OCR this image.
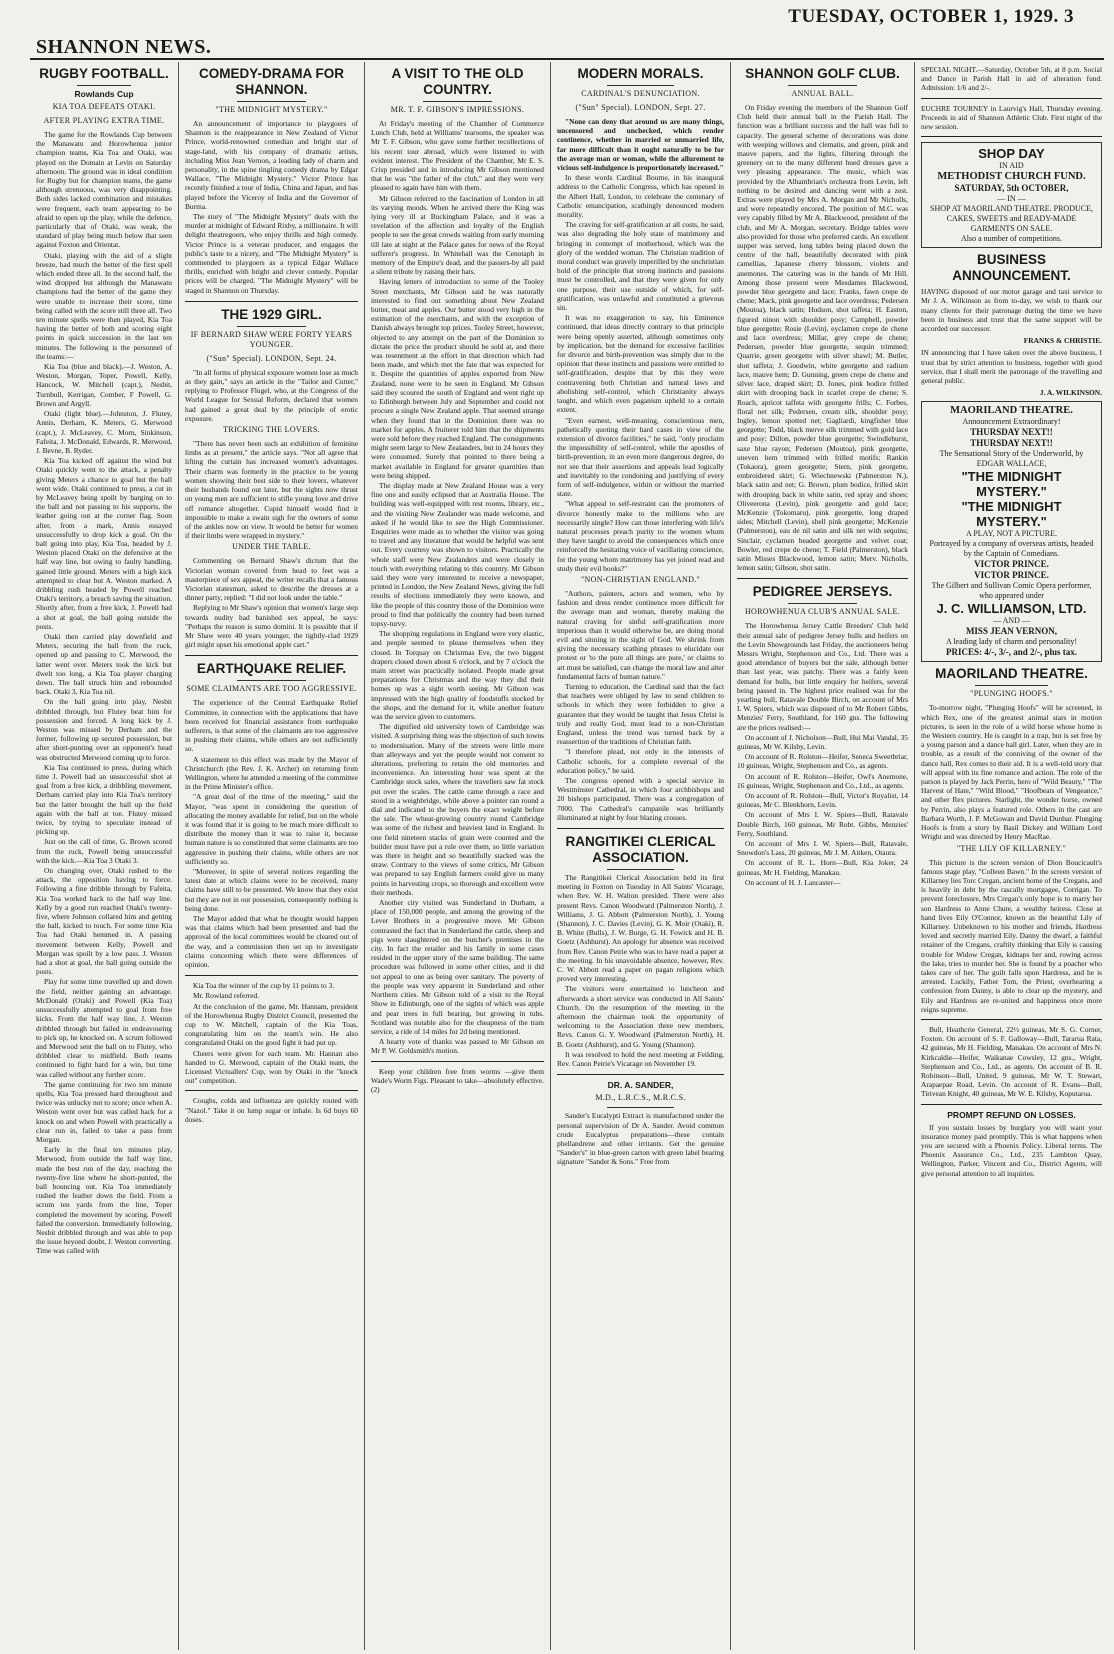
SHANNON NEWS.
TUESDAY, OCTOBER 1, 1929. 3
RUGBY FOOTBALL.
Rowlands Cup
KIA TOA DEFEATS OTAKI.
AFTER PLAYING EXTRA TIME.

The game for the Rowlands Cup between the Manawatu and Horowhenua junior champion teams, Kia Toa and Otaki, was played on the Domain at Levin on Saturday afternoon. The ground was in ideal condition for Rugby but for champion teams, the game although strenuous, was very disappointing. Both sides lacked combination and mistakes were frequent, each team appearing to be afraid to open up the play, while the defence, particularly that of Otaki, was weak, the standard of play being much below that seen against Foxton and Orientat.

Otaki, playing with the aid of a slight breeze, had much the better of the first spell which ended three all. In the second half, the wind dropped but although the Manawatu champions had the better of the game they were unable to increase their score, time being called with the score still three all. Two ten minute spells were then played, Kia Toa having the better of both and scoring eight points in quick succession in the last ten minutes. The following is the personnel of the teams:—

Kia Toa (blue and black).—J. Weston, A. Weston, Morgan, Toper, Powell, Kelly, Hancock, W. Mitchell (capt.), Nesbit, Turnbull, Kerrigan, Comber, F Powell, G. Brown and Argyll.

Otaki (light blue).—Johnston, J. Flutey, Annis, Derham, K. Meters, G. Merwood (capt.), J. McLeavey, C. Morn, Sinkinson, Fafeita, J. McDonald, Edwards, R. Merwood, J. Bevne, B. Ryder.

Kia Toa kicked off against the wind but Otaki quickly went to the attack, a penalty giving Meters a chance to goal but the ball went wide. Otaki continued to press, a cut in by McLeavey being spoilt by barging on to the ball and not passing to his supports, the leather going out at the corner flag. Soon after, from a mark, Annis essayed unsuccessfully to drop kick a goal. On the ball going into play, Kia Toa, headed by J. Weston placed Otaki on the defensive at the half way line, but owing to faulty handling, gained little ground. Meters with a high kick attempted to clear but A. Weston marked. A dribbling rush headed by Powell reached Otaki's territory, a breach saving the situation. Shortly after, from a free kick, J. Powell had a shot at goal, the ball going outside the posts.

Otaki then carried play downfield and Meters, securing the ball from the ruck, opened up and passing to C. Merwood, the latter went over. Meters took the kick but dwelt too long, a Kia Toa player charging down. The ball struck him and rebounded back. Otaki 3, Kia Toa nil.

On the ball going into play, Nesbit dribbled through, but Flutey beat him for possession and forced. A long kick by J. Weston was missed by Derham and the former, following up secured possession, but after short-punting over an opponent's head was obstructed Merwood coming up to force.

Kia Toa continued to press, during which time J. Powell had an unsuccessful shot at goal from a free kick, a dribbling movement, Derham carried play into Kia Toa's territory but the latter brought the ball up the field again with the ball at toe. Flutey missed twice, by trying to speculate instead of picking up.

Just on the call of time, G. Brown scored from the ruck, Powell being unsuccessful with the kick.—Kia Toa 3 Otaki 3.

On changing over, Otaki rushed to the attack, the opposition having to force. Following a fine dribble through by Fafeita, Kia Toa worked back to the half way line. Kelly by a good run reached Otaki's twenty-five, where Johnson collared him and getting the ball, kicked to touch. For some time Kia Toa had Otaki hemmed in. A passing movement between Kelly, Powell and Morgan was spoilt by a low pass. J. Weston had a shot at goal, the ball going outside the posts.

Play for some time travelled up and down the field, neither gaining an advantage. McDonald (Otaki) and Powell (Kia Toa) unsuccessfully attempted to goal from free kicks. From the half way line, J. Weston dribbled through but failed in endeavouring to pick up, he knocked on. A scrum followed and Merwood sent the ball on to Flutey, who dribbled clear to midfield. Both teams continued to fight hard for a win, but time was called without any further score.

The game continuing for two ten minute spells, Kia Toa pressed hard throughout and twice was unlucky not to score; once when A. Weston went over but was called back for a knock on and when Powell with practically a clear run in, failed to take a pass from Morgan.

Early in the final ten minutes play, Merwood, from outside the half way line, made the best run of the day, reaching the twenty-five line where he short-punted, the ball bouncing out. Kia Toa immediately rushed the leather down the field. From a scrum ten yards from the line, Toper completed the movement by scoring. Powell failed the conversion. Immediately following, Nesbit dribbled through and was able to pop the issue beyond doubt, J. Weston converting. Time was called with

COMEDY-DRAMA FOR SHANNON.
"THE MIDNIGHT MYSTERY."

An announcement of importance to playgoers of Shannon is the reappearance in New Zealand of Victor Prince, world-renowned comedian and bright star of stage-land, with his company of dramatic artists, including Miss Jean Vernon, a leading lady of charm and personality, in the spine tingling comedy drama by Edgar Wallace, "The Midnight Mystery." Victor Prince has recently finished a tour of India, China and Japan, and has played before the Viceroy of India and the Governor of Burma.

The story of "The Midnight Mystery" deals with the murder at midnight of Edward Rixby, a millionaire. It will delight theatregoers, who enjoy thrills and high comedy. Victor Prince is a veteran producer, and engages the public's taste to a nicety, and "The Midnight Mystery" is commended to playgoers as a typical Edgar Wallace thrills, enriched with bright and clever comedy. Popular prices will be charged. "The Midnight Mystery" will be staged in Shannon on Thursday.

THE 1929 GIRL.
IF BERNARD SHAW WERE FORTY YEARS YOUNGER.
("Sun" Special). LONDON, Sept. 24.

"In all forms of physical exposure women lose as much as they gain," says an article in the "Tailor and Cutter," replying to Professor Flugel, who, at the Congress of the World League for Sexual Reform, declared that women had gained a great deal by the principle of erotic exposure.

TRICKING THE LOVERS.

"There has never been such an exhibition of feminine limbs as at present," the article says. "Not all agree that lifting the curtain has increased women's advantages. Their charm was formerly in the practice to be young women showing their best side to their lovers, whatever their husbands found out later, but the sights now thrust on young men are sufficient to stifle young love and drive off romance altogether. Cupid himself would find it impossible to make a swain sigh for the owners of some of the ankles now on view. It would be better for women if their limbs were wrapped in mystery."

UNDER THE TABLE.

Commenting on Bernard Shaw's dictum that the Victorian woman covered from head to feet was a masterpiece of sex appeal, the writer recalls that a famous Victorian statesman, asked to describe the dresses at a dinner party, replied: "I did not look under the table."

Replying to Mr Shaw's opinion that women's large step towards nudity had banished sex appeal, he says: "Perhaps the reason is sumo domini. It is possible that if Mr Shaw were 40 years younger, the tightly-clad 1929 girl might upset his emotional apple cart."

EARTHQUAKE RELIEF.
SOME CLAIMANTS ARE TOO AGGRESSIVE.

The experience of the Central Earthquake Relief Committee, in connection with the applications that have been received for financial assistance from earthquake sufferers, is that some of the claimants are too aggressive in pushing their claims, while others are not sufficiently so.

A statement to this effect was made by the Mayor of Christchurch (the Rev. J. K. Archer) on returning from Wellington, where he attended a meeting of the committee in the Prime Minister's office.

"A great deal of the time of the meeting," said the Mayor, "was spent in considering the question of allocating the money available for relief, but on the whole it was found that it is going to be much more difficult to distribute the money than it was to raise it, because human nature is so constituted that some claimants are too aggressive in pushing their claims, while others are not sufficiently so.

"Moreover, in spite of several notices regarding the latest date at which claims were to be received, many claims have still to be presented. We know that they exist but they are not in our possession, consequently nothing is being done.

The Mayor added that what he thought would happen was that claims which had been presented and had the approval of the local committees would be cleared out of the way, and a commission then set up to investigate claims concerning which there were differences of opinion.

Kia Toa the winner of the cup by 11 points to 3.

Mr. Rowland referred.

At the conclusion of the game, Mr. Hannam, president of the Horowhenua Rugby District Council, presented the cup to W. Mitchell, captain of the Kia Toas, congratulating him on the team's win. He also congratulated Otaki on the good fight it had put up.

Cheers were given for each team. Mr. Hannan also handed to G. Merwood, captain of the Otaki team, the Licensed Victuallers' Cup, won by Otaki in the "knock out" competition.

Coughs, colds and influenza are quickly routed with "Nazol." Take it on lump sugar or inhale. Is 6d buys 60 doses.

A VISIT TO THE OLD COUNTRY.
MR. T. F. GIBSON'S IMPRESSIONS.

At Friday's meeting of the Chamber of Commerce Lunch Club, held at Williams' tearooms, the speaker was Mr T. F. Gibson, who gave some further recollections of his recent tour abroad, which were listened to with evident interest. The President of the Chamber, Mr E. S. Crisp presided and in introducing Mr Gibson mentioned that he was "the father of the club," and they were very pleased to again have him with them.

Mr Gibson referred to the fascination of London in all its varying moods. When he arrived there the King was lying very ill at Buckingham Palace, and it was a revelation of the affection and loyalty of the English people to see the great crowds waiting from early morning till late at night at the Palace gates for news of the Royal sufferer's progress. In Whitehall was the Cenotaph in memory of the Empire's dead, and the passers-by all paid a silent tribute by raising their hats.

Having letters of introduction to some of the Tooley Street merchants, Mr Gibson said he was naturally interested to find out something about New Zealand butter, meat and apples. Our butter stood very high in the estimation of the merchants, and with the exception of Danish always brought top prices. Tooley Street, however, objected to any attempt on the part of the Dominion to dictate the price the product should be sold at, and there was resentment at the effort in that direction which had been made, and which met the fate that was expected for it. Despite the quantities of apples exported from New Zealand, none were to be seen in England. Mr Gibson said they scoured the south of England and went right up to Edinburgh between July and September and could not procure a single New Zealand apple. That seemed strange when they found that in the Dominion there was no market for apples. A fruiterer told him that the shipments were sold before they reached England. The consignments might seem large to New Zealanders, but in 24 hours they were consumed. Surely that pointed to there being a market available in England for greater quantities than were being shipped.

The display made at New Zealand House was a very fine one and easily eclipsed that at Australia House. The building was well-equipped with rest rooms, library, etc., and the visiting New Zealander was made welcome, and asked if he would like to see the High Commissioner. Enquiries were made as to whether the visitor was going to travel and any literature that would be helpful was sent out. Every courtesy was shown to visitors. Practically the whole staff were New Zealanders and were closely in touch with everything relating to this country. Mr Gibson said they were very interested to receive a newspaper, printed in London, the New Zealand News, giving the full results of elections immediately they were known, and like the people of this country those of the Dominion were proud to find that politically the country had been turned topsy-turvy.

The shopping regulations in England were very elastic, and people seemed to please themselves when they closed. In Torquay on Christmas Eve, the two biggest drapers closed down about 6 o'clock, and by 7 o'clock the main street was practically isolated. People made great preparations for Christmas and the way they did their homes up was a sight worth seeing. Mr Gibson was impressed with the high quality of foodstuffs stocked by the shops, and the demand for it, while another feature was the service given to customers.

The dignified old university town of Cambridge was visited. A surprising thing was the objection of such towns to modernisation. Many of the streets were little more than alleyways and yet the people would not consent to alterations, preferring to retain the old memories and inconvenience. An interesting hour was spent at the Cambridge stock sales, where the travellers saw fat stock put over the scales. The cattle came through a race and stood in a weighbridge, while above a pointer ran round a dial and indicated to the buyers the exact weight before the sale. The wheat-growing country round Cambridge was some of the richest and heaviest land in England. In one field nineteen stacks of grain were counted and the builder must have put a rule over them, so little variation was there in height and so beautifully stacked was the straw. Contrary to the views of some critics, Mr Gibson was prepared to say English farmers could give us many points in harvesting crops, so thorough and excellent were their methods.

Another city visited was Sunderland in Durham, a place of 150,000 people, and among the growing of the Lever Brothers in a progressive move. Mr Gibson contrasted the fact that in Sunderland the cattle, sheep and pigs were slaughtered on the butcher's premises in the city. In fact the retailer and his family in some cases resided in the upper story of the same building. The same procedure was followed in some other cities, and it did not appeal to one as being over sanitary. The poverty of the people was very apparent in Sunderland and other Northern cities. Mr Gibson told of a visit to the Royal Show in Edinburgh, one of the sights of which was apple and pear trees in full bearing, but growing in tubs. Scotland was notable also for the cheapness of the tram service, a ride of 14 miles for 2d being mentioned.

A hearty vote of thanks was passed to Mr Gibson on Mr P. W. Goldsmith's motion.

Keep your children free from worms —give them Wade's Worm Figs. Pleasant to take—absolutely effective. (2)

MODERN MORALS.
CARDINAL'S DENUNCIATION.
("Sun" Special). LONDON, Sept. 27.

"None can deny that around us are many things, uncensored and unchecked, which render continence, whether in married or unmarried life, far more difficult than it ought naturally to be for the average man or woman, while the allurement to vicious self-indulgence is proportionately increased."

In these words Cardinal Bourne, in his inaugural address to the Catholic Congress, which has opened in the Albert Hall, London, to celebrate the centenary of Catholic emancipation, scathingly denounced modern morality.

The craving for self-gratification at all costs, he said, was also degrading the holy state of matrimony and bringing in contempt of motherhood, which was the glory of the wedded woman. The Christian tradition of moral conduct was gravely imperilled by the unchristian hold of the principle that strong instincts and passions must be controlled, and that they were given for only one purpose, their use outside of which, for self-gratification, was unlawful and constituted a grievous sin.

It was no exaggeration to say, his Eminence continued, that ideas directly contrary to that principle were being openly asserted, although sometimes only by implication, but the demand for excessive facilities for divorce and birth-prevention was simply due to the opinion that these instincts and passions were entitled to self-gratification, despite that by this they were contravening both Christian and natural laws and abolishing self-control, which Christianity always taught, and which even paganism upheld to a certain extent.

"Even earnest, well-meaning, conscientious men, pathetically quoting their hard cases in view of the extension of divorce facilities," he said, "only proclaim the impossibility of self-control, while the apostles of birth-prevention, in an even more dangerous degree, do not see that their assertions and appeals lead logically and inevitably to the condoning and justifying of every form of self-indulgence, within or without the married state.

"What appeal to self-restraint can the promoters of divorce honestly make to the millions who are necessarily single? How can those interfering with life's natural processes preach purity to the women whom they have taught to avoid the consequences which once reinforced the hesitating voice of vacillating conscience, for the young whom matrimony has yet joined read and study their evil books?"

"NON-CHRISTIAN ENGLAND."

"Authors, painters, actors and women, who by fashion and dress render continence more difficult for the average man and woman, thereby making the natural craving for sinful self-gratification more imperious than it would otherwise be, are doing moral evil and sinning in the sight of God. We shrink from giving the necessary scathing phrases to elucidate our protest or 'to the pure all things are pure,' or claims to art must be satisfied, can change the moral law and alter fundamental facts of human nature."

Turning to education, the Cardinal said that the fact that teachers were obliged by law to send children to schools in which they were forbidden to give a guarantee that they would be taught that Jesus Christ is truly and really God, must lead to a non-Christian England, unless the trend was turned back by a reassertion of the traditions of Christian faith.

"I therefore plead, not only in the interests of Catholic schools, for a complete reversal of the education policy," he said.

The congress opened with a special service in Westminster Cathedral, in which four archbishops and 20 bishops participated. There was a congregation of 7000. The Cathedral's campanile was brilliantly illuminated at night by four blazing crosses.

RANGITIKEI CLERICAL ASSOCIATION.

The Rangitikei Clerical Association held its first meeting in Foxton on Tuesday in All Saints' Vicarage, when Rev. W. H. Walton presided. There were also present Revs. Canon Woodward (Palmerston North), J. Williams, J. G. Abbott (Palmerston North), J. Young (Shannon), J. C. Davies (Levin), G. K. Moir (Otaki), R. B. White (Bulls), J. W. Burge, G. H. Fowick and H. B. Goetz (Ashhurst). An apology for absence was received from Rev. Canon Petrie who was to have read a paper at the meeting. In his unavoidable absence, however, Rev. C. W. Abbott read a paper on pagan religions which proved very interesting.

The visitors were entertained to luncheon and afterwards a short service was conducted in All Saints' Church. On the resumption of the meeting in the afternoon the chairman took the opportunity of welcoming to the Association three new members, Revs. Canon G. Y. Woodward (Palmerston North), H. B. Goetz (Ashhurst), and G. Young (Shannon).

It was resolved to hold the next meeting at Feilding, Rev. Canon Petrie's Vicarage on November 19.

DR. A. SANDER,
M.D., L.R.C.S., M.R.C.S.

Sander's Eucalypti Extract is manufactured under the personal supervision of Dr A. Sander. Avoid common crude Eucalyptus preparations—these contain phellandrene and other irritants. Get the genuine "Sander's" in blue-green carton with green label bearing signature "Sander & Sons." Free from

SHANNON GOLF CLUB.
ANNUAL BALL.

On Friday evening the members of the Shannon Golf Club held their annual ball in the Parish Hall. The function was a brilliant success and the hall was full to capacity. The general scheme of decorations was done with weeping willows and clematis, and green, pink and mauve papers, and the lights, filtering through the greenery on to the many different hued dresses gave a very pleasing appearance. The music, which was provided by the Alhambrian's orchestra from Levin, left nothing to be desired and dancing went with a zest. Extras were played by Mrs A. Morgan and Mr Nicholls, and were repeatedly encored. The position of M.C. was very capably filled by Mr A. Blackwood, president of the club, and Mr A. Morgan, secretary. Bridge tables were also provided for those who preferred cards. An excellent supper was served, long tables being placed down the centre of the hall, beautifully decorated with pink camellias, Japanese cherry blossom, violets and anemones. The catering was in the hands of Mr Hill. Among those present were Mesdames Blackwood, powder blue georgette and lace; Franks, fawn crepe de chene; Mack, pink georgette and lace overdress; Pedersen (Moutoa), black satin; Hudson, shot taffeta; H. Easton, figured ninon with shoulder posy; Campbell, powder blue georgette; Rosie (Levin), eyclamen crepe de chene and lace overdress; Millar, grey crepe de chene; Pedersen, powder blue georgette, sequin trimmed; Quarrie, green georgette with silver shawl; M. Butler, shot taffeta; J. Goodwin, white georgette and radium lace, mauve hem; D. Gunning, green crepe de chene and silver lace, draped skirt; D. Jones, pink bodice frilled skirt with drooping back in scarlet crepe de chene; S. Roach, apricot taffeta with georgette frills; C. Forbes, floral net silk; Pedersen, cream silk, shoulder posy; Ingley, lemon spotted net; Gagliardi, kingfisher blue georgette; Todd, black merve silk trimmed with gold lace and posy; Dillon, powder blue georgette; Swindlehurst, saxe blue rayon; Pedersen (Moutoa), pink georgette, uneven hem trimmed with frilled motifs; Rankin (Tokaora), green georgette; Stern, pink georgette, embroidered skirt; G. Wiechnewski (Palmerston N.), black satin and net; G. Brown, plum bodice, frilled skirt with drooping back in white satin, red spray and shoes; Oliveerona (Levin), pink georgette and gold lace; McKenzie (Tokomaru), pink georgette, long draped sides; Mitchell (Levin), shell pink georgette; McKenzie (Palmerston), eau de nil satin and silk net with sequins; Sinclair, cyclamen beaded georgette and velvet coat; Bowler, red crepe de chene; T. Field (Palmerston), black satin Misses Blackwood, lemon satin; Merv. Nicholls, lemon satin; Gibson, shot satin.

PEDIGREE JERSEYS.
HOROWHENUA CLUB'S ANNUAL SALE.

The Horowhenua Jersey Cattle Breeders' Club held their annual sale of pedigree Jersey bulls and heifers on the Levin Showgrounds last Friday, the auctioneers being Messrs Wright, Stephenson and Co., Ltd. There was a good attendance of buyers but the sale, although better than last year, was patchy. There was a fairly keen demand for bulls, but little enquiry for heifers, several being passed in. The highest price realised was for the yearling bull, Ratavale Double Birch, on account of Mrs I. W. Spiers, which was disposed of to Mr Robert Gibbs, Menzies' Ferry, Southland, for 160 gns. The following are the prices realised:—

On account of J. Nicholson—Bull, Hui Mai Vandal, 35 guineas, Mr W. Kilsby, Levin.

On account of R. Rolston—Heifer, Seneca Sweetbriar, 10 guineas, Wright, Stephenson and Co., as agents.

On account of R. Rolston—Heifer, Owl's Anemone, 16 guineas, Wright, Stephenson and Co., Ltd., as agents.

On account of R. Rolston—Bull, Victor's Royalist, 14 guineas, Mr C. Blenkhorn, Levin.

On account of Mrs I. W. Spiers—Bull, Ratavale Double Birch, 160 guineas, Mr Robt. Gibbs, Menzies' Ferry, Southland.

On account of Mrs I. W. Spiers—Bull, Ratavale, Snowdon's Lass, 20 guineas, Mr J. M. Aitken, Otaura.

On account of R. L. Horn—Bull, Kia Joker, 24 guineas, Mr H. Fielding, Manakau.

On account of H. J. Lancaster—

SPECIAL NIGHT.—Saturday, October 5th, at 8 p.m. Social and Dance in Parish Hall in aid of alteration fund. Admission: 1/6 and 2/-.

EUCHRE TOURNEY in Laurvig's Hall, Thursday evening. Proceeds in aid of Shannon Athletic Club. First night of the new session.

SHOP DAY
IN AID
METHODIST CHURCH FUND.
SATURDAY, 5th OCTOBER,
— IN —
SHOP AT MAORILAND THEATRE. PRODUCE, CAKES, SWEETS and READY-MADE GARMENTS ON SALE.
Also a number of competitions.
BUSINESS ANNOUNCEMENT.

HAVING disposed of our motor garage and taxi service to Mr J. A. Wilkinson as from to-day, we wish to thank our many clients for their patronage during the time we have been in business and trust that the same support will be accorded our successor.

FRANKS & CHRISTIE.

IN announcing that I have taken over the above business, I trust that by strict attention to business, together with good service, that I shall merit the patronage of the travelling and general public.

J. A. WILKINSON.
MAORILAND THEATRE.
Announcement Extraordinary!
THURSDAY NEXT!!
THURSDAY NEXT!!
The Sensational Story of the Underworld, by
EDGAR WALLACE,
"THE MIDNIGHT MYSTERY."
"THE MIDNIGHT MYSTERY."
A PLAY, NOT A PICTURE.
Portrayed by a company of overseas artists, headed by the Captain of Comedians.
VICTOR PRINCE.
VICTOR PRINCE.
The Gilbert and Sullivan Comic Opera performer, who appeared under
J. C. WILLIAMSON, LTD.
— AND —
MISS JEAN VERNON,
A leading lady of charm and personality!
PRICES: 4/-, 3/-, and 2/-, plus tax.
MAORILAND THEATRE.
"PLUNGING HOOFS."

To-morrow night, "Plunging Hoofs" will be screened, in which Rex, one of the greatest animal stars in motion pictures, is seen in the role of a wild horse whose home is the Western country. He is caught in a trap, but is set free by a young parson and a dance hall girl. Later, when they are in trouble, as a result of the conniving of the owner of the dance hall, Rex comes to their aid. It is a well-told story that will appeal with its fine romance and action. The role of the parson is played by Jack Perrin, hero of "Wild Beauty," "The Harvest of Hate," "Wild Blood," "Hoofbeats of Vengeance," and other Rex pictures. Starlight, the wonder horse, owned by Perrin, also plays a featured role. Others in the cast are Barbara Worth, J. P. McGowan and David Dunbar. Plunging Hoofs is from a story by Basil Dickey and William Lord Wright and was directed by Henry MacRae.

"THE LILY OF KILLARNEY."

This picture is the screen version of Dion Boucicault's famous stage play, "Colleen Bawn." In the screen version of Killarney lies Torc Cregan, ancient home of the Cregans, and is heavily in debt by the rascally mortgagee, Corrigan. To prevent foreclosure, Mrs Cregan's only hope is to marry her son Hardress to Anne Chute, a wealthy heiress. Close at hand lives Eily O'Connor, known as the beautiful Lily of Killarney. Unbeknown to his mother and friends, Hardress loved and secretly married Eily. Danny the dwarf, a faithful retainer of the Cregans, craftily thinking that Eily is causing trouble for Widow Cregan, kidnaps her and, rowing across the lake, tries to murder her. She is found by a poacher who takes care of her. The guilt falls upon Hardress, and he is arrested. Luckily, Father Tom, the Priest, overhearing a confession from Danny, is able to clear up the mystery, and Eily and Hardress are re-united and happiness once more reigns supreme.

Bull, Heathcrie General, 22½ guineas, Mr S. G. Corner, Foxton. On account of S. F. Galloway—Bull, Tararua Rata, 42 guineas, Mr H. Fielding, Manakau. On account of Mrs N. Kirkcaldie—Heifer, Waikanae Cowsley, 12 gns., Wright, Stephenson and Co., Ltd., as agents. On account of B. R. Robinson—Bull, United, 9 guineas, Mr W. T. Stewart, Arapaepae Road, Levin. On account of R. Evans—Bull, Tirivean Knight, 40 guineas, Mr W. E. Kilsby, Koputaroa.

PROMPT REFUND ON LOSSES.

If you sustain losses by burglary you will want your insurance money paid promptly. This is what happens when you are secured with a Phoenix Policy. Liberal terms. The Phoenix Assurance Co., Ltd., 235 Lambton Quay, Wellington, Parker, Vincent and Co., District Agents, will give personal attention to all inquiries.
